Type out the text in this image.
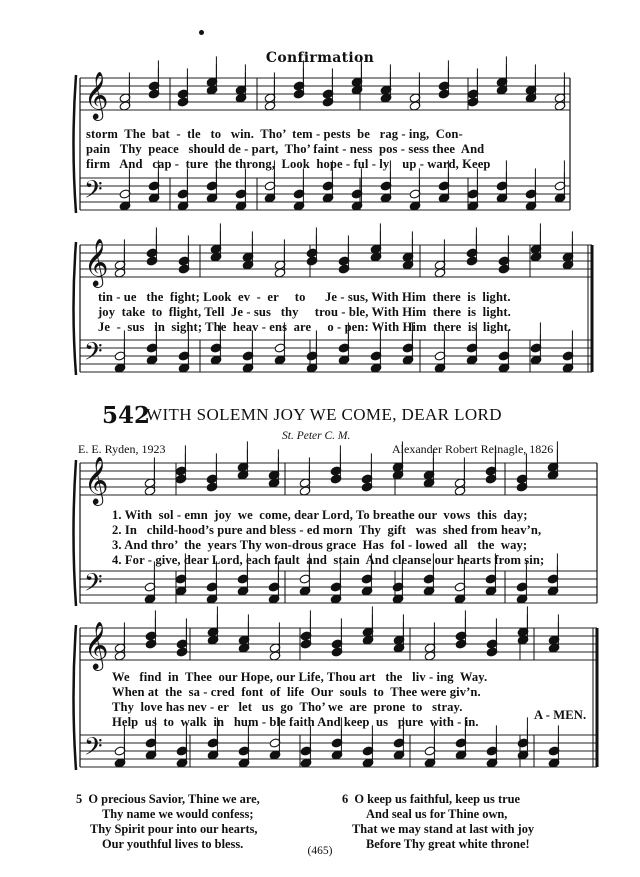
Confirmation
𝄞
𝄢
𝄞
𝄢
𝄞
𝄢
𝄞
𝄢
storm  The  bat  -  tle   to   win.  Tho’  tem - pests  be   rag - ing,  Con-
pain   Thy  peace   should de - part,  Tho’ faint - ness  pos - sess thee  And
firm   And   cap -  ture  the throng,  Look  hope - ful - ly    up - ward, Keep
tin - ue   the  fight; Look  ev  -  er     to      Je - sus, With Him  there  is  light.
joy  take  to  flight, Tell  Je - sus   thy     trou - ble, With Him  there  is  light.
Je  -  sus   in  sight; The  heav - ens  are     o - pen: With Him  there  is  light.
542
WITH SOLEMN JOY WE COME, DEAR LORD
St. Peter C. M.
E. E. Ryden, 1923	Alexander Robert Reinagle, 1826
1. With  sol - emn  joy  we  come, dear Lord, To breathe our  vows  this  day;
2. In   child-hood’s pure and bless - ed morn  Thy  gift   was  shed from heav’n,
3. And thro’  the  years Thy won-drous grace  Has  fol - lowed  all   the  way;
4. For - give, dear Lord, each fault  and  stain  And cleanse our hearts from sin;
We   find  in  Thee  our Hope, our Life, Thou art   the   liv - ing  Way.
When at  the  sa - cred  font  of  life  Our  souls  to  Thee were giv’n.
Thy  love has nev - er   let   us  go  Tho’ we  are  prone  to   stray.
Help  us  to  walk  in   hum - ble faith And keep  us   pure  with - in.	A - MEN.
5  O precious Savior, Thine we are,
Thy name we would confess;
Thy Spirit pour into our hearts,
Our youthful lives to bless.
6  O keep us faithful, keep us true
And seal us for Thine own,
That we may stand at last with joy
Before Thy great white throne!
(465)
